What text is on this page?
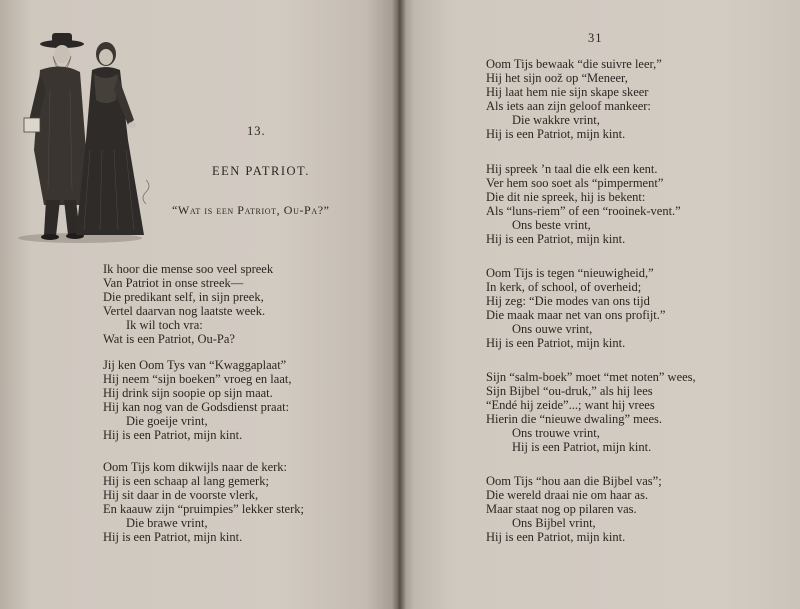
13.
EEN PATRIOT.
“Wat is een Patriot, Ou-Pa?”
Ik hoor die mense soo veel spreek
Van Patriot in onse streek—
Die predikant self, in sijn preek,
Vertel daarvan nog laatste week.
Ik wil toch vra:
Wat is een Patriot, Ou-Pa?
Jij ken Oom Tys van “Kwaggaplaat”
Hij neem “sijn boeken” vroeg en laat,
Hij drink sijn soopie op sijn maat.
Hij kan nog van de Godsdienst praat:
Die goeije vrint,
Hij is een Patriot, mijn kint.
Oom Tijs kom dikwijls naar de kerk:
Hij is een schaap al lang gemerk;
Hij sit daar in de voorste vlerk,
En kaauw zijn “pruimpies” lekker sterk;
Die brawe vrint,
Hij is een Patriot, mijn kint.
31
Oom Tijs bewaak “die suivre leer,”
Hij het sijn oož op “Meneer,
Hij laat hem nie sijn skape skeer
Als iets aan zijn geloof mankeer:
Die wakkre vrint,
Hij is een Patriot, mijn kint.
Hij spreek ’n taal die elk een kent.
Ver hem soo soet als “pimperment”
Die dit nie spreek, hij is bekent:
Als “luns-riem” of een “rooinek-vent.”
Ons beste vrint,
Hij is een Patriot, mijn kint.
Oom Tijs is tegen “nieuwigheid,”
In kerk, of school, of overheid;
Hij zeg: “Die modes van ons tijd
Die maak maar net van ons profijt.”
Ons ouwe vrint,
Hij is een Patriot, mijn kint.
Sijn “salm-boek” moet “met noten” wees,
Sijn Bijbel “ou-druk,” als hij lees
“Endé hij zeide”...; want hij vrees
Hierin die “nieuwe dwaling” mees.
Ons trouwe vrint,
Hij is een Patriot, mijn kint.
Oom Tijs “hou aan die Bijbel vas”;
Die wereld draai nie om haar as.
Maar staat nog op pilaren vas.
Ons Bijbel vrint,
Hij is een Patriot, mijn kint.
